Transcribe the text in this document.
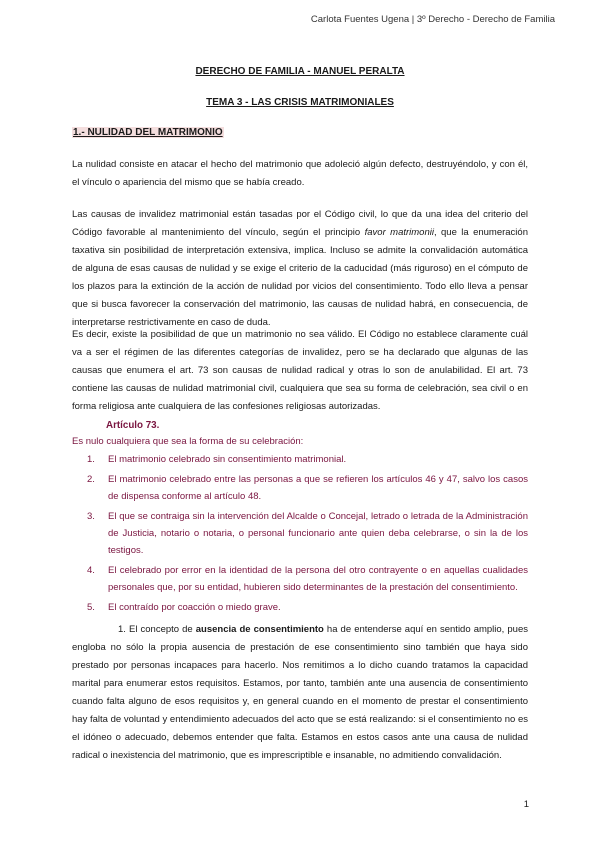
Carlota Fuentes Ugena | 3º Derecho - Derecho de Familia
DERECHO DE FAMILIA - MANUEL PERALTA
TEMA 3 - LAS CRISIS MATRIMONIALES
1.- NULIDAD DEL MATRIMONIO

La nulidad consiste en atacar el hecho del matrimonio que adoleció algún defecto, destruyéndolo, y con él, el vínculo o apariencia del mismo que se había creado.

Las causas de invalidez matrimonial están tasadas por el Código civil, lo que da una idea del criterio del Código favorable al mantenimiento del vínculo, según el principio favor matrimonii, que la enumeración taxativa sin posibilidad de interpretación extensiva, implica. Incluso se admite la convalidación automática de alguna de esas causas de nulidad y se exige el criterio de la caducidad (más riguroso) en el cómputo de los plazos para la extinción de la acción de nulidad por vicios del consentimiento. Todo ello lleva a pensar que si busca favorecer la conservación del matrimonio, las causas de nulidad habrá, en consecuencia, de interpretarse restrictivamente en caso de duda.

Es decir, existe la posibilidad de que un matrimonio no sea válido. El Código no establece claramente cuál va a ser el régimen de las diferentes categorías de invalidez, pero se ha declarado que algunas de las causas que enumera el art. 73 son causas de nulidad radical y otras lo son de anulabilidad. El art. 73 contiene las causas de nulidad matrimonial civil, cualquiera que sea su forma de celebración, sea civil o en forma religiosa ante cualquiera de las confesiones religiosas autorizadas.

Artículo 73.
Es nulo cualquiera que sea la forma de su celebración:
1. El matrimonio celebrado sin consentimiento matrimonial.
2. El matrimonio celebrado entre las personas a que se refieren los artículos 46 y 47, salvo los casos de dispensa conforme al artículo 48.
3. El que se contraiga sin la intervención del Alcalde o Concejal, letrado o letrada de la Administración de Justicia, notario o notaria, o personal funcionario ante quien deba celebrarse, o sin la de los testigos.
4. El celebrado por error en la identidad de la persona del otro contrayente o en aquellas cualidades personales que, por su entidad, hubieren sido determinantes de la prestación del consentimiento.
5. El contraído por coacción o miedo grave.

1. El concepto de ausencia de consentimiento ha de entenderse aquí en sentido amplio, pues engloba no sólo la propia ausencia de prestación de ese consentimiento sino también que haya sido prestado por personas incapaces para hacerlo. Nos remitimos a lo dicho cuando tratamos la capacidad marital para enumerar estos requisitos. Estamos, por tanto, también ante una ausencia de consentimiento cuando falta alguno de esos requisitos y, en general cuando en el momento de prestar el consentimiento hay falta de voluntad y entendimiento adecuados del acto que se está realizando: si el consentimiento no es el idóneo o adecuado, debemos entender que falta. Estamos en estos casos ante una causa de nulidad radical o inexistencia del matrimonio, que es imprescriptible e insanable, no admitiendo convalidación.

1
